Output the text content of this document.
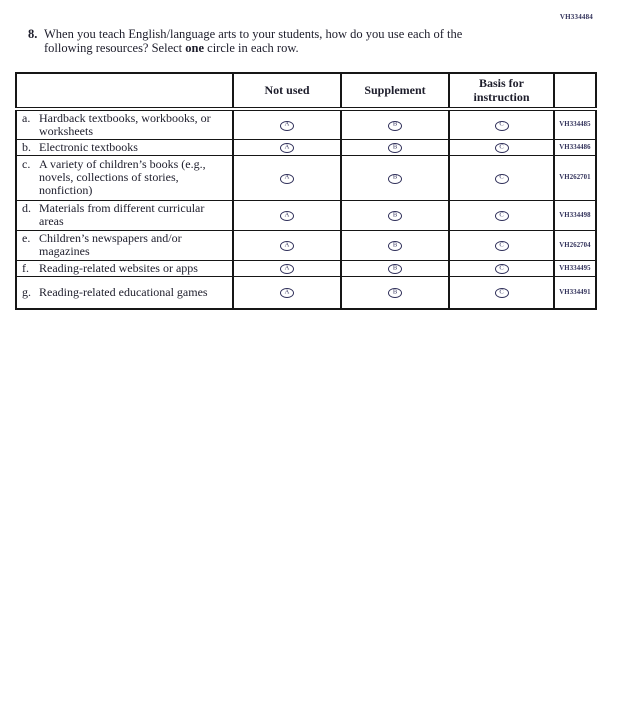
VH334484
8. When you teach English/language arts to your students, how do you use each of the
following resources? Select one circle in each row.
	Not used	Supplement	Basis for instruction	

a. Hardback textbooks, workbooks, or worksheets	A	B	C	VH334485

b. Electronic textbooks	A	B	C	VH334486

c. A variety of children’s books (e.g., novels, collections of stories, nonfiction)	A	B	C	VH262701

d. Materials from different curricular areas	A	B	C	VH334498

e. Children’s newspapers and/or magazines	A	B	C	VH262704

f. Reading-related websites or apps	A	B	C	VH334495

g. Reading-related educational games	A	B	C	VH334491
